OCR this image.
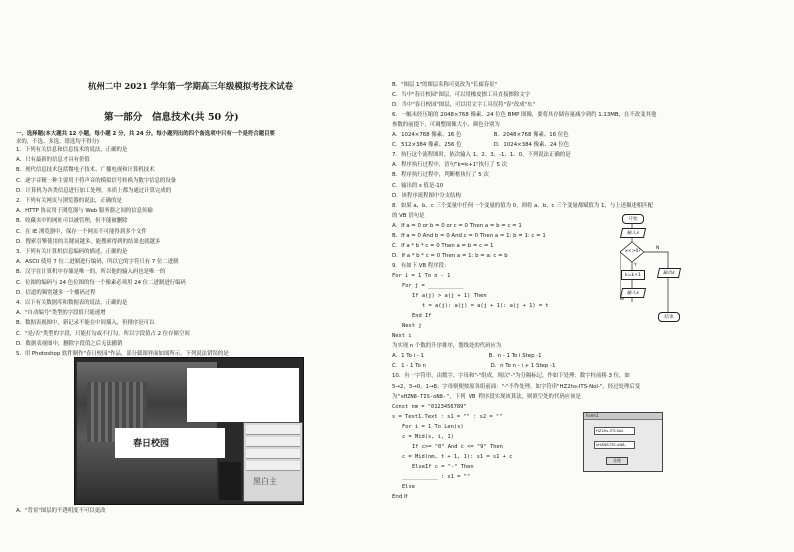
杭州二中 2021 学年第一学期高三年级模拟考技术试卷
第一部分　信息技术(共 50 分)
一、选择题(本大题共 12 小题，每小题 2 分，共 24 分。每小题列出的四个备选项中只有一个是符合题目要
求的，不选、多选、错选均不得分)
1．下列有关信息和信息技术的说法，正确的是
A．只有最新的信息才具有价值
B．现代信息技术包括微电子技术、广播电视和计算机技术
C．逐字音精一种主要用于将声音的模拟信号转换为数字信息的设备
D．计算机为各类信息进行加工处理，本质上都为通过计算完成的
2．下列有关网页与浏览器的说法，正确的是
A．HTTP 协议用于浏览器与 Web 服务器之间的信息传输
B．收藏夹中的网址可以被管理，但不能被删除
C．在 IE 浏览器中，保存一个网页不可能得到多个文件
D．搜索引擎使用的关键词越多，能搜索得到的结果也就越多
3．下列有关计算机信息编码的描述，正确的是
A．ASCII 使用 7 位二进制进行编码，所以它的字符只有 7 位二进制
B．汉字在计算机中存储是唯一的，所以他的输入码也是唯一的
C．位图的编码与 24 色位图的每一个像素必须用 24 位二进制进行编码
D．信道的频宽越多一个播码过程
4．以下有关数据库和数据表的说法，正确的是
A．"自动编号"类型的字段值只能递增
B．数据表视图中，新记录不能在中间插入，但排序是可以
C．"是/否"类型的字段，只能打勾或不打勾，所以字段值占 2 位存储空间
D．数据表视图中，删除字段值之后无法撤销
5．用 Photoshop 软件制作"春日校园"作品，部分截图界面如图所示。下列说法错误的是
春日校园
黑白主
A．"背景"图层的不透明度不可以更改
B．"图层 1"的图层名称可更改为"长廊春景"
C．当中"春日校园"图层，可以用橡皮擦工具直接擦除文字
D．当中"春日校园"图层，可以用文字工具仅将"春"改成"东"
6．一幅未经压缩的 2048×768 像素、24 位色 BMP 图像，要将其存储容量减少到约 1.13MB，在不改变其他
参数的前提下，可调整图像大小、颜色分别为
A．1024×768 像素、16 色　　　　　　B．2048×768 像素、16 位色
C．512×384 像素、256 色　　　　　　D．1024×384 像素、24 位色
7．执行这个流程图时，依次输入 1、2、3、-1、1、0，下列说法正确的是
A．程序执行过程中，语句"k=k+1"执行了 5 次
B．程序执行过程中，判断框执行了 5 次
C．输出的 s 值是-10
D．该程序流程图中分支结构
8．如果 a、b、c 三个变量中任何一个变量的值为 0，则将 a、b、c 三个变量都赋值为 1，与上述描述相匹配
的 VB 语句是
A．If a = 0 or b = 0 or c = 0 Then a = b = c = 1
B．If a = 0 And b = 0 And c = 0 Then a = 1: b = 1: c = 1
C．If a * b * c = 0 Then a = b = c = 1
D．If a * b * c = 0 Then a = 1: b = a: c = b
9．有如下 VB 程序段：
For i = 1 To n - 1
For j = ___________
If a(j) > a(j + 1) Then
t = a(j): a(j) = a(j + 1): a(j + 1) = t
End If
Next j
Next i
为实现 n 个数的升序排序，划线处的代码应为
A．1 To i - 1　　　　　　　　　　　　B．n - 1 To i Step -1
C．1 - 1 To n　　　　　　　　　　　　D．n To n - i + 1 Step -1
10．有一字符串，由数字、字母和"-"组成，现以"-"为分隔标记，作如下处理：数字柱前移 3 位，如
5→2，3→0，1→8；字母则便按原各组前面："-"不作处理。如字符串"HZ2hs-ITS-Nol-"，经过处理后变
为"sHZN8-TIS-oN8-"，下列 VB 程序段实现该算法，则填空处的代码应该是
Const nm = "0123456789"
s = Text1.Text : s1 = "" : s2 = ""
For i = 1 To Len(s)
c = Mid(s, i, 1)
If c>= "0" And c <= "9" Then
c = Mid(nm, t + 1, 1): s1 = s1 + c
ElseIf c = "-" Then
___________ : s1 = ""
Else
End If
开始
输入x
x<>0?
Y
N
k=k+1	输出k
输入x
结束
Form1
HZ2hs-ITS-Nol-
sHZN8-TIS-oN8-
处理
